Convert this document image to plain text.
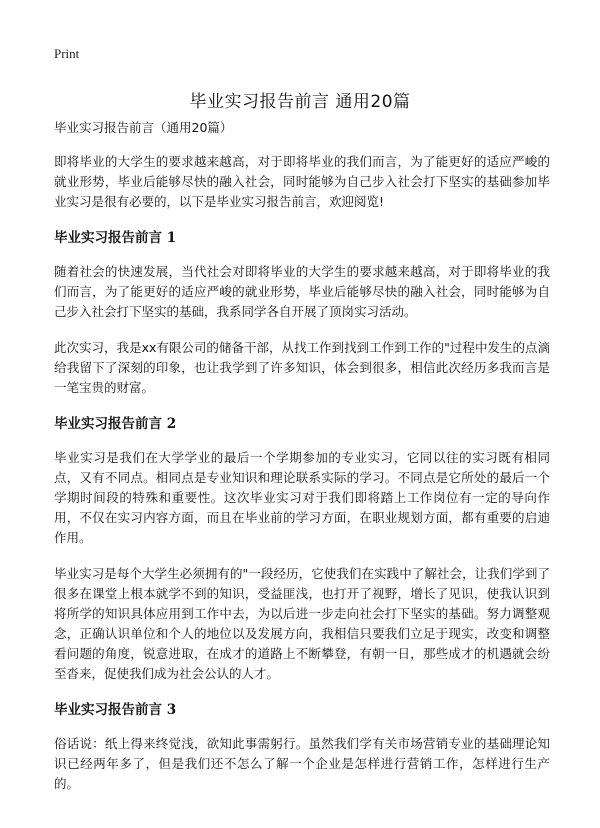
Print
毕业实习报告前言 通用20篇

毕业实习报告前言（通用20篇）

即将毕业的大学生的要求越来越高，对于即将毕业的我们而言，为了能更好的适应严峻的就业形势，毕业后能够尽快的融入社会，同时能够为自己步入社会打下坚实的基础参加毕业实习是很有必要的，以下是毕业实习报告前言，欢迎阅览!

毕业实习报告前言 1

随着社会的快速发展，当代社会对即将毕业的大学生的要求越来越高，对于即将毕业的我们而言，为了能更好的适应严峻的就业形势，毕业后能够尽快的融入社会，同时能够为自己步入社会打下坚实的基础，我系同学各自开展了顶岗实习活动。

此次实习，我是xx有限公司的储备干部，从找工作到找到工作到工作的"过程中发生的点滴给我留下了深刻的印象，也让我学到了许多知识，体会到很多，相信此次经历多我而言是一笔宝贵的财富。

毕业实习报告前言 2

毕业实习是我们在大学学业的最后一个学期参加的专业实习，它同以往的实习既有相同点，又有不同点。相同点是专业知识和理论联系实际的学习。不同点是它所处的最后一个学期时间段的特殊和重要性。这次毕业实习对于我们即将踏上工作岗位有一定的导向作用，不仅在实习内容方面，而且在毕业前的学习方面，在职业规划方面，都有重要的启迪作用。

毕业实习是每个大学生必须拥有的"一段经历，它使我们在实践中了解社会，让我们学到了很多在课堂上根本就学不到的知识，受益匪浅，也打开了视野，增长了见识，使我认识到将所学的知识具体应用到工作中去，为以后进一步走向社会打下坚实的基础。努力调整观念，正确认识单位和个人的地位以及发展方向，我相信只要我们立足于现实，改变和调整看问题的角度，锐意进取，在成才的道路上不断攀登，有朝一日，那些成才的机遇就会纷至沓来，促使我们成为社会公认的人才。

毕业实习报告前言 3

俗话说：纸上得来终觉浅，欲知此事需躬行。虽然我们学有关市场营销专业的基础理论知识已经两年多了，但是我们还不怎么了解一个企业是怎样进行营销工作，怎样进行生产的。
